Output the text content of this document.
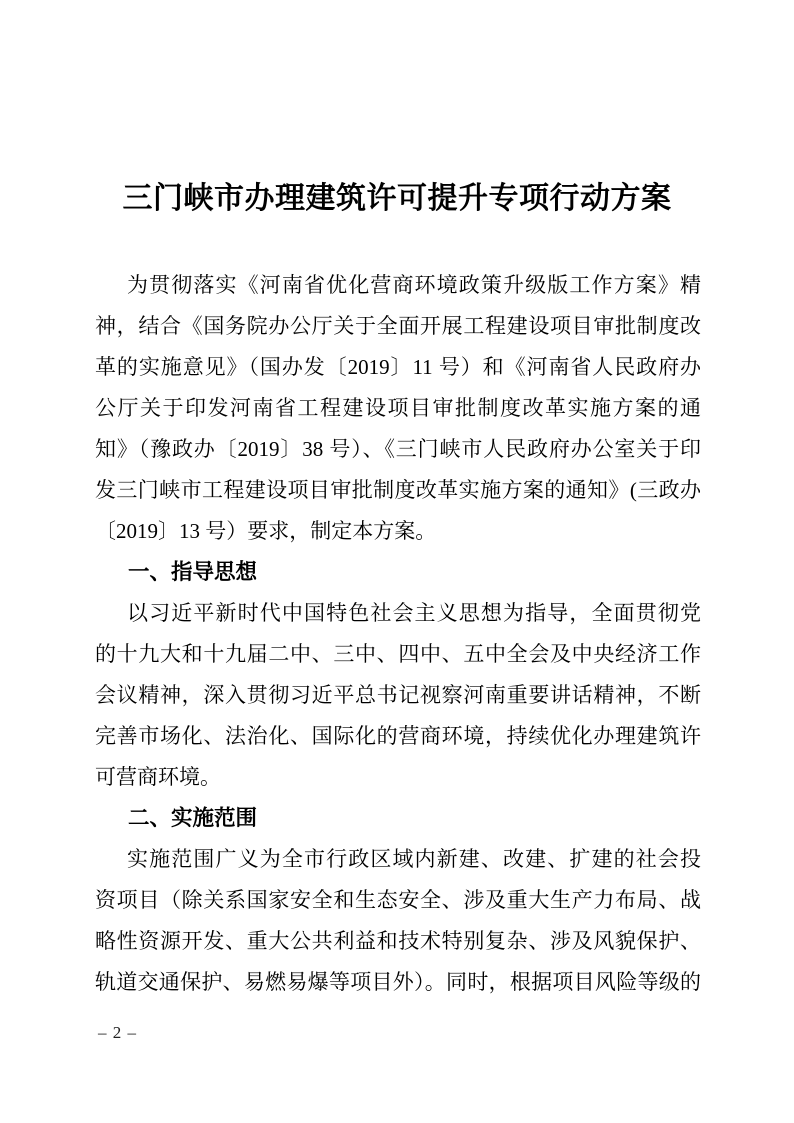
三门峡市办理建筑许可提升专项行动方案
为贯彻落实《河南省优化营商环境政策升级版工作方案》精
神，结合《国务院办公厅关于全面开展工程建设项目审批制度改
革的实施意见》（国办发〔2019〕11 号）和《河南省人民政府办
公厅关于印发河南省工程建设项目审批制度改革实施方案的通
知》（豫政办〔2019〕38 号）、《三门峡市人民政府办公室关于印
发三门峡市工程建设项目审批制度改革实施方案的通知》(三政办
〔2019〕13 号）要求，制定本方案。
一、指导思想
以习近平新时代中国特色社会主义思想为指导，全面贯彻党
的十九大和十九届二中、三中、四中、五中全会及中央经济工作
会议精神，深入贯彻习近平总书记视察河南重要讲话精神，不断
完善市场化、法治化、国际化的营商环境，持续优化办理建筑许
可营商环境。
二、实施范围
实施范围广义为全市行政区域内新建、改建、扩建的社会投
资项目（除关系国家安全和生态安全、涉及重大生产力布局、战
略性资源开发、重大公共利益和技术特别复杂、涉及风貌保护、
轨道交通保护、易燃易爆等项目外）。同时，根据项目风险等级的
– 2 –
